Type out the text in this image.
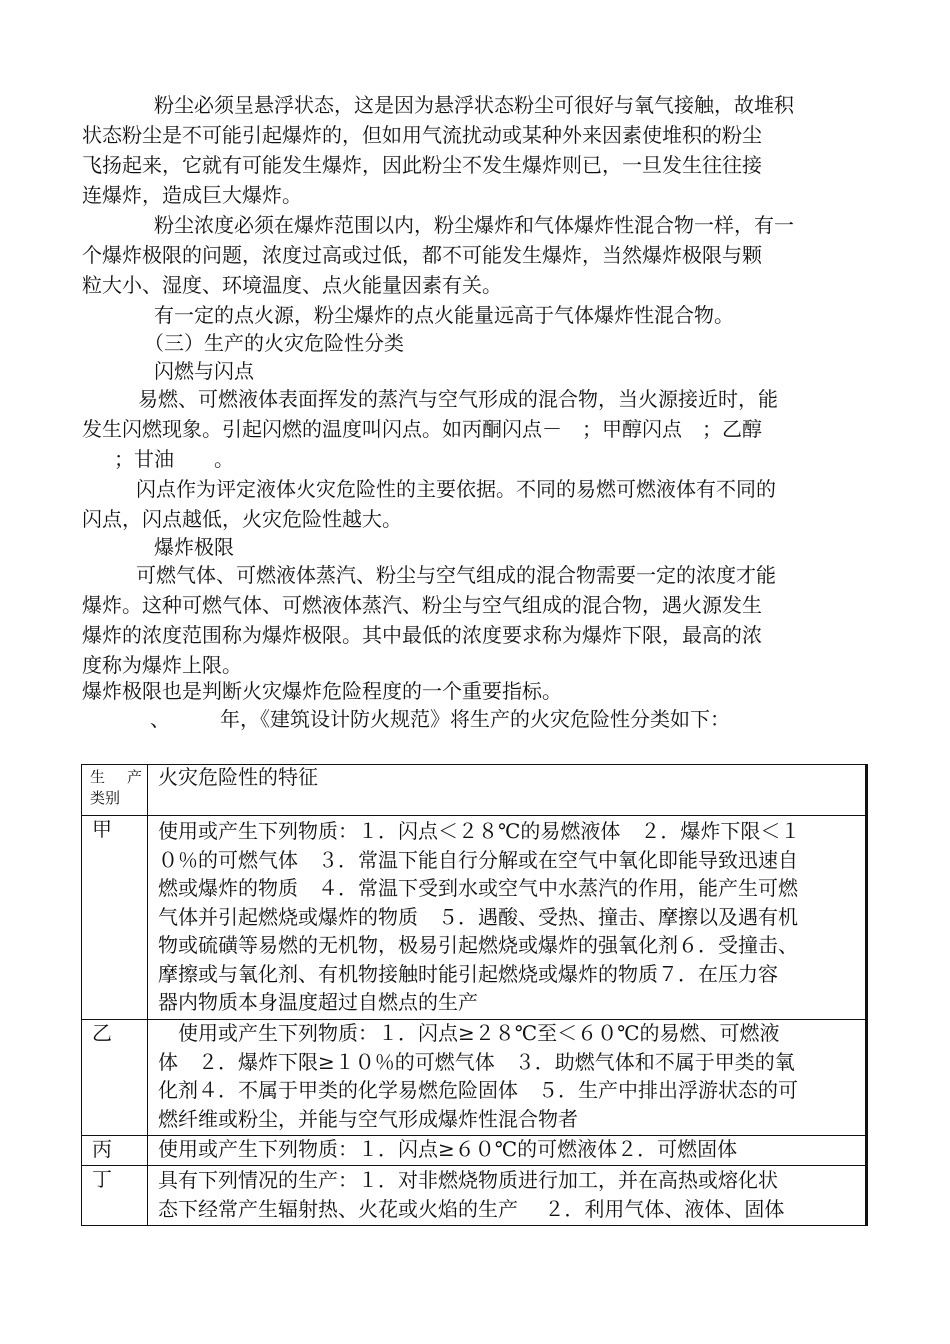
粉尘必须呈悬浮状态，这是因为悬浮状态粉尘可很好与氧气接触，故堆积
状态粉尘是不可能引起爆炸的，但如用气流扰动或某种外来因素使堆积的粉尘
飞扬起来，它就有可能发生爆炸，因此粉尘不发生爆炸则已，一旦发生往往接
连爆炸，造成巨大爆炸。
粉尘浓度必须在爆炸范围以内，粉尘爆炸和气体爆炸性混合物一样，有一
个爆炸极限的问题，浓度过高或过低，都不可能发生爆炸，当然爆炸极限与颗
粒大小、湿度、环境温度、点火能量因素有关。
有一定的点火源，粉尘爆炸的点火能量远高于气体爆炸性混合物。
（三）生产的火灾危险性分类
闪燃与闪点
易燃、可燃液体表面挥发的蒸汽与空气形成的混合物，当火源接近时，能
发生闪燃现象。引起闪燃的温度叫闪点。如丙酮闪点－　；甲醇闪点　；乙醇
；甘油　　。
闪点作为评定液体火灾危险性的主要依据。不同的易燃可燃液体有不同的
闪点，闪点越低，火灾危险性越大。
爆炸极限
可燃气体、可燃液体蒸汽、粉尘与空气组成的混合物需要一定的浓度才能
爆炸。这种可燃气体、可燃液体蒸汽、粉尘与空气组成的混合物，遇火源发生
爆炸的浓度范围称为爆炸极限。其中最低的浓度要求称为爆炸下限，最高的浓
度称为爆炸上限。
爆炸极限也是判断火灾爆炸危险程度的一个重要指标。
、　　　年，《建筑设计防火规范》将生产的火灾危险性分类如下：
生 产
类别
火灾危险性的特征
甲 使用或产生下列物质：１．闪点＜２８℃的易燃液体　２．爆炸下限＜１
０％的可燃气体　３．常温下能自行分解或在空气中氧化即能导致迅速自
燃或爆炸的物质　４．常温下受到水或空气中水蒸汽的作用，能产生可燃
气体并引起燃烧或爆炸的物质　５．遇酸、受热、撞击、摩擦以及遇有机
物或硫磺等易燃的无机物，极易引起燃烧或爆炸的强氧化剂６．受撞击、
摩擦或与氧化剂、有机物接触时能引起燃烧或爆炸的物质７．在压力容
器内物质本身温度超过自燃点的生产
乙 　使用或产生下列物质：１．闪点≥２８℃至＜６０℃的易燃、可燃液
体　２．爆炸下限≥１０％的可燃气体　３．助燃气体和不属于甲类的氧
化剂４．不属于甲类的化学易燃危险固体　５．生产中排出浮游状态的可
燃纤维或粉尘，并能与空气形成爆炸性混合物者
丙 使用或产生下列物质：１．闪点≥６０℃的可燃液体２．可燃固体
丁 具有下列情况的生产：１．对非燃烧物质进行加工，并在高热或熔化状
态下经常产生辐射热、火花或火焰的生产　 ２．利用气体、液体、固体
